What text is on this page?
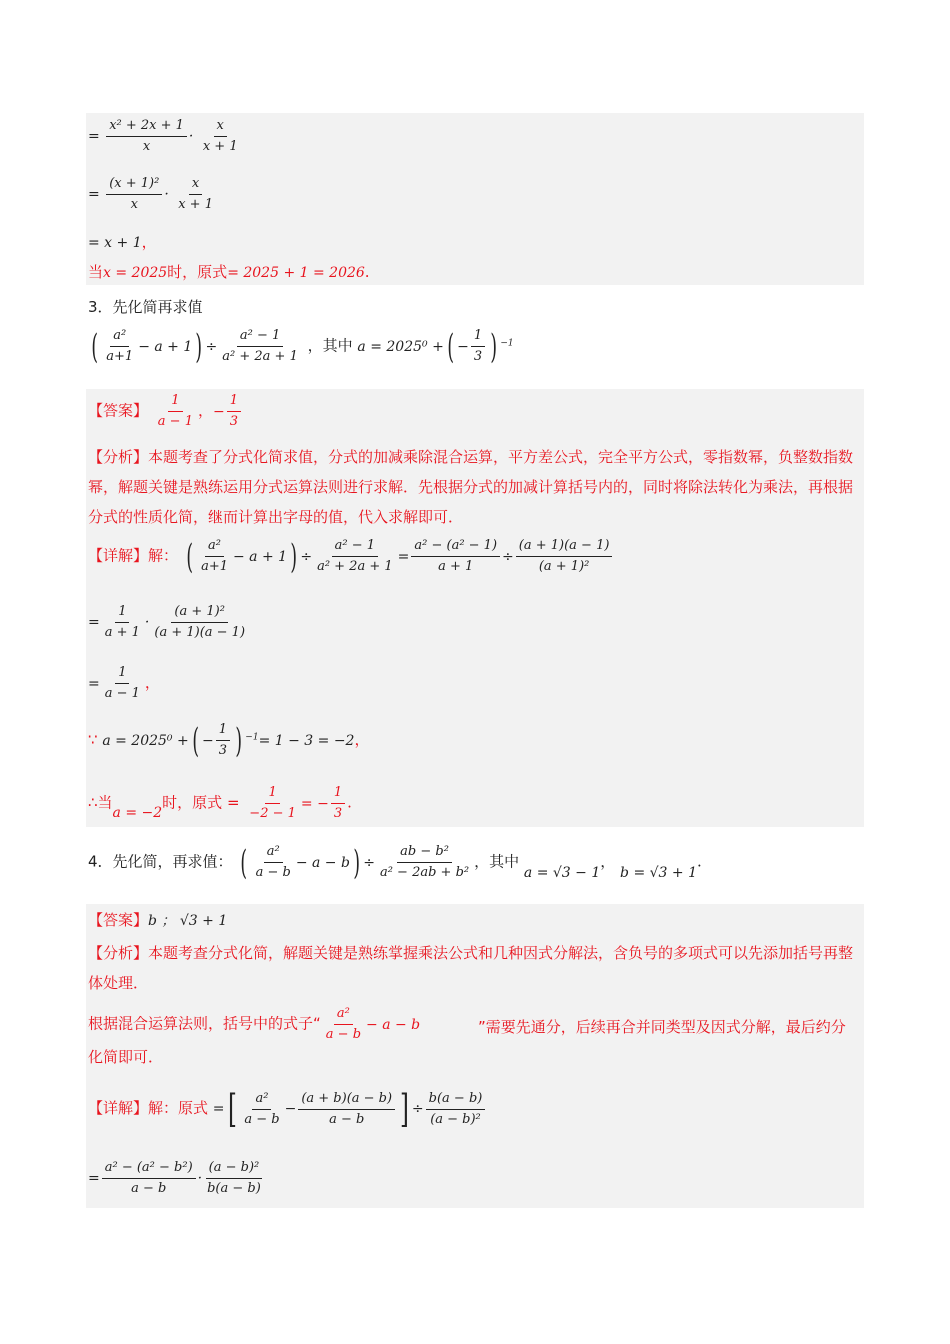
= $\frac{\text{x² + 2x + 1}}{x} \cdot \frac{x}{x + 1}$
= $\frac{\text{(x + 1)²}}{x} \cdot \frac{x}{x + 1}$
= x + 1，
当x = 2025时，原式= 2025 + 1 = 2026.
3．先化简再求值
( $\frac{\text{a²}}{a+1} - a + 1) \div \frac{\text{a² − 1}}{\text{a² + 2a + 1}}$ ，其中 a = 2025⁰ +( − $\frac{1}{3}$ ) $^{-1}$
【答案】 $\frac{1}{a - 1}$ ，− $\frac{1}{3}$
【分析】本题考查了分式化简求值，分式的加减乘除混合运算，平方差公式，完全平方公式，零指数幂，负整数指数幂，解题关键是熟练运用分式运算法则进行求解．先根据分式的加减计算括号内的，同时将除法转化为乘法，再根据分式的性质化简，继而计算出字母的值，代入求解即可．
【详解】解： ( $\frac{\text{a²}}{a+1} - a + 1) \div \frac{\text{a² − 1}}{\text{a² + 2a + 1}} = \frac{\text{a² − (a² − 1)}}{a + 1} \div \frac{(a + 1)(a - 1)}{\text{(a + 1)²}}$
= $\frac{1}{a + 1} \cdot \frac{\text{(a + 1)²}}{(a + 1)(a - 1)}$
= $\frac{1}{a - 1}$ ，
∵ a = 2025⁰ +( − $\frac{1}{3}$ ) $^{-1}$= 1 − 3 = −2，
∴当a = −2时，原式 = $\frac{1}{-2 - 1}$ = − $\frac{1}{3}$ .
4．先化简，再求值： ( $\frac{\text{a²}}{a - b} - a - b) \div \frac{\text{ab − b²}}{\text{a² − 2ab + b²}}$ ，其中 a = √3 − 1， b = √3 + 1.
【答案】b ； √3 + 1
【分析】本题考查分式化简，解题关键是熟练掌握乘法公式和几种因式分解法，含负号的多项式可以先添加括号再整体处理．
根据混合运算法则，括号中的式子“ $\frac{\text{a²}}{a - b} - a - b$	”需要先通分，后续再合并同类型及因式分解，最后约分化简即可．
【详解】解：原式 =[ $\frac{\text{a²}}{a - b} - \frac{(a + b)(a - b)}{a - b}$ ] ÷ $\frac{b(a - b)}{\text{(a − b)²}}$
= $\frac{\text{a² − (a² − b²)}}{a - b} \cdot \frac{\text{(a − b)²}}{b(a - b)}$
